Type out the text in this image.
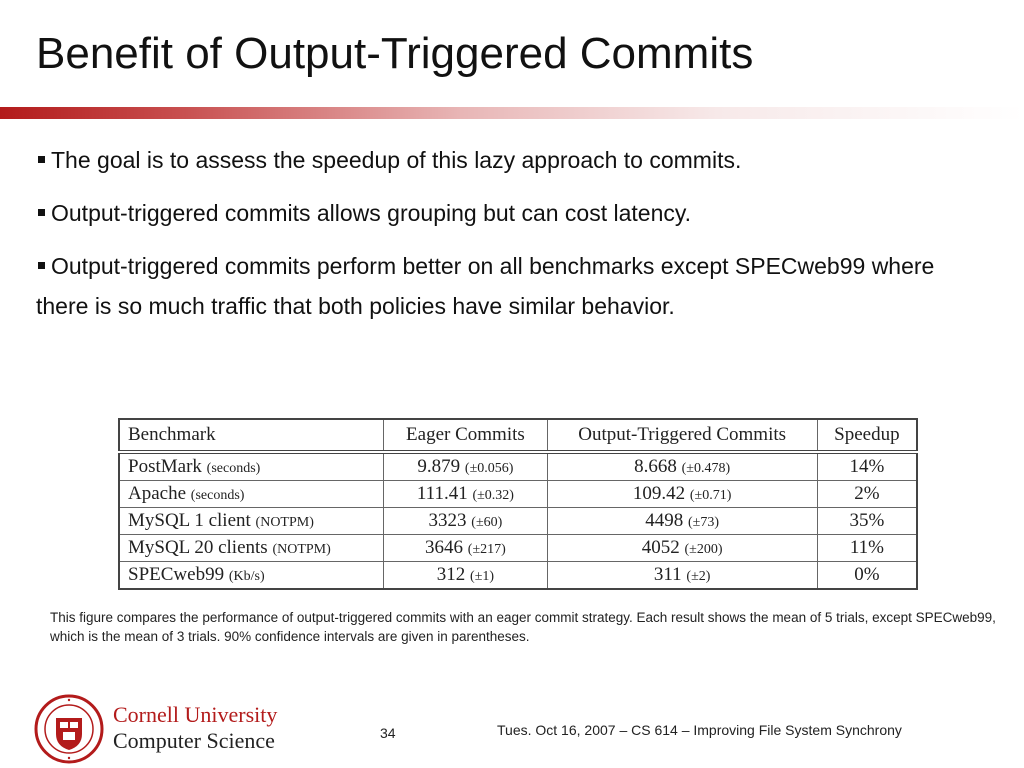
Benefit of Output-Triggered Commits

The goal is to assess the speedup of this lazy approach to commits.

Output-triggered commits allows grouping but can cost latency.

Output-triggered commits perform better on all benchmarks except SPECweb99 where there is so much traffic that both policies have similar behavior.

Benchmark	Eager Commits	Output-Triggered Commits	Speedup
PostMark (seconds)	9.879 (±0.056)	8.668 (±0.478)	14%
Apache (seconds)	111.41 (±0.32)	109.42 (±0.71)	2%
MySQL 1 client (NOTPM)	3323 (±60)	4498 (±73)	35%
MySQL 20 clients (NOTPM)	3646 (±217)	4052 (±200)	11%
SPECweb99 (Kb/s)	312 (±1)	311 (±2)	0%
This figure compares the performance of output-triggered commits with an eager commit strategy. Each result shows the mean of 5 trials, except SPECweb99, which is the mean of 3 trials. 90% confidence intervals are given in parentheses.
Cornell University
Computer Science	34	Tues. Oct 16, 2007 – CS 614 – Improving File System Synchrony
